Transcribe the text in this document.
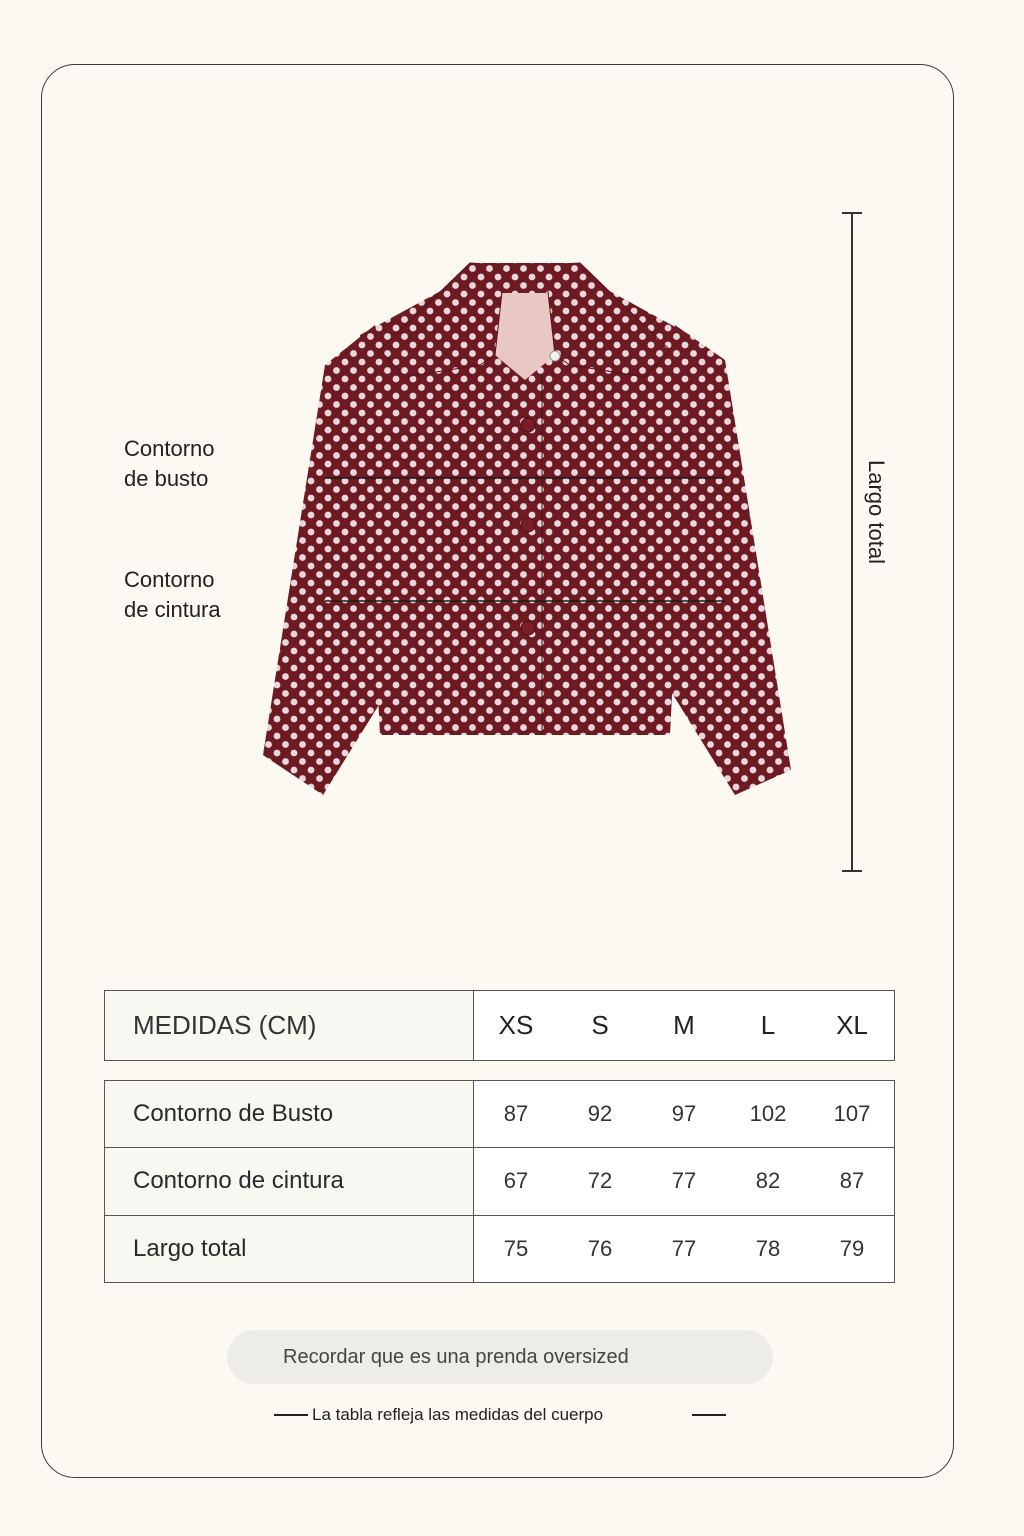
Contorno
de busto
Contorno
de cintura
Largo total
MEDIDAS (CM)	XS	S	M	L	XL
Contorno de Busto	87	92	97	102	107
Contorno de cintura	67	72	77	82	87
Largo total	75	76	77	78	79
Recordar que es una prenda oversized
La tabla refleja las medidas del cuerpo
